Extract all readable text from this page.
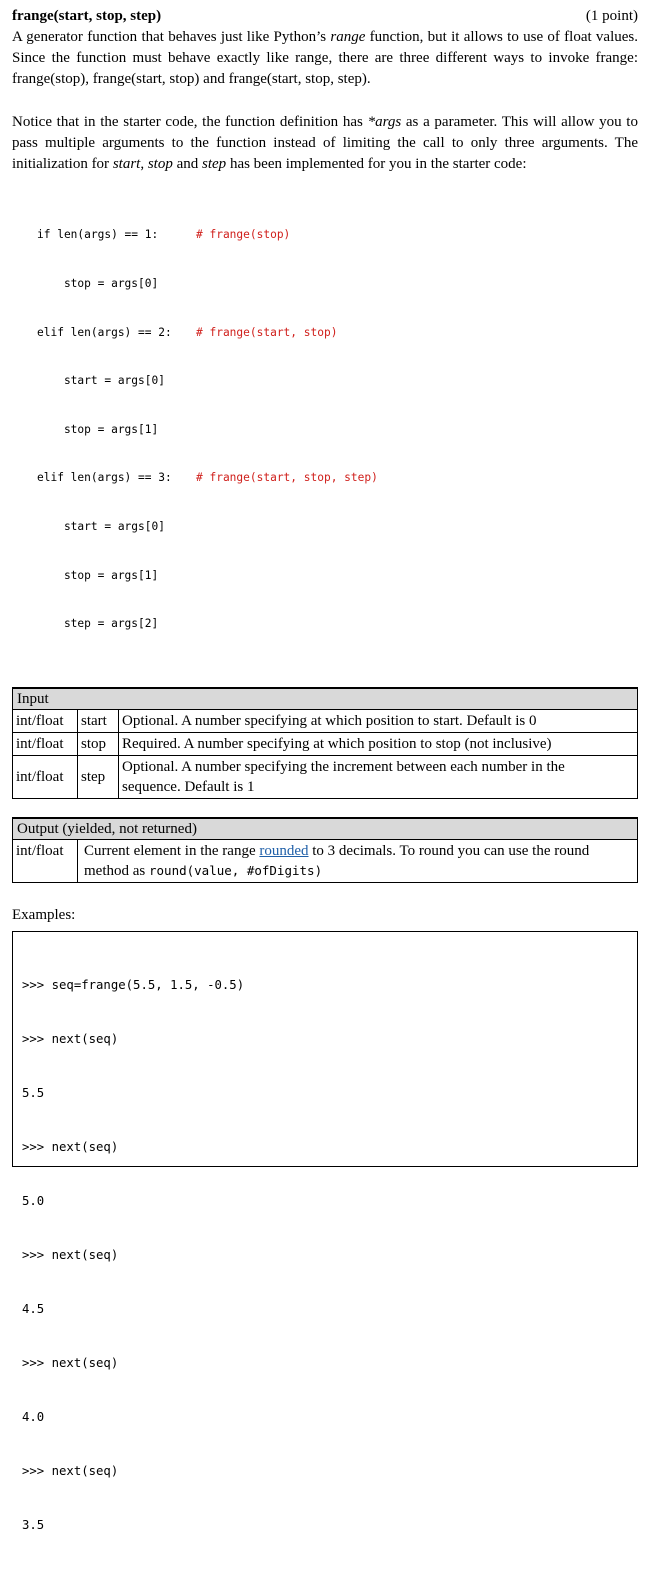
frange(start, stop, step)	(1 point)

A generator function that behaves just like Python’s range function, but it allows to use of float values. Since the function must behave exactly like range, there are three different ways to invoke frange: frange(stop), frange(start, stop) and frange(start, stop, step).

Notice that in the starter code, the function definition has *args as a parameter. This will allow you to pass multiple arguments to the function instead of limiting the call to only three arguments. The initialization for start, stop and step has been implemented for you in the starter code:

if len(args) == 1:	# frange(stop)

stop = args[0]

elif len(args) == 2:	# frange(start, stop)

start = args[0]

stop = args[1]

elif len(args) == 3:	# frange(start, stop, step)

start = args[0]

stop = args[1]

step = args[2]

Input		
int/float	start	Optional. A number specifying at which position to start. Default is 0
int/float	stop	Required. A number specifying at which position to stop (not inclusive)
int/float	step	Optional. A number specifying the increment between each number in the sequence. Default is 1
Output (yielded, not returned)
int/float	Current element in the range rounded to 3 decimals. To round you can use the round method as round(value, #ofDigits)
Examples:

>>> seq=frange(5.5, 1.5, -0.5)

>>> next(seq)

5.5

>>> next(seq)

5.0

>>> next(seq)

4.5

>>> next(seq)

4.0

>>> next(seq)

3.5
